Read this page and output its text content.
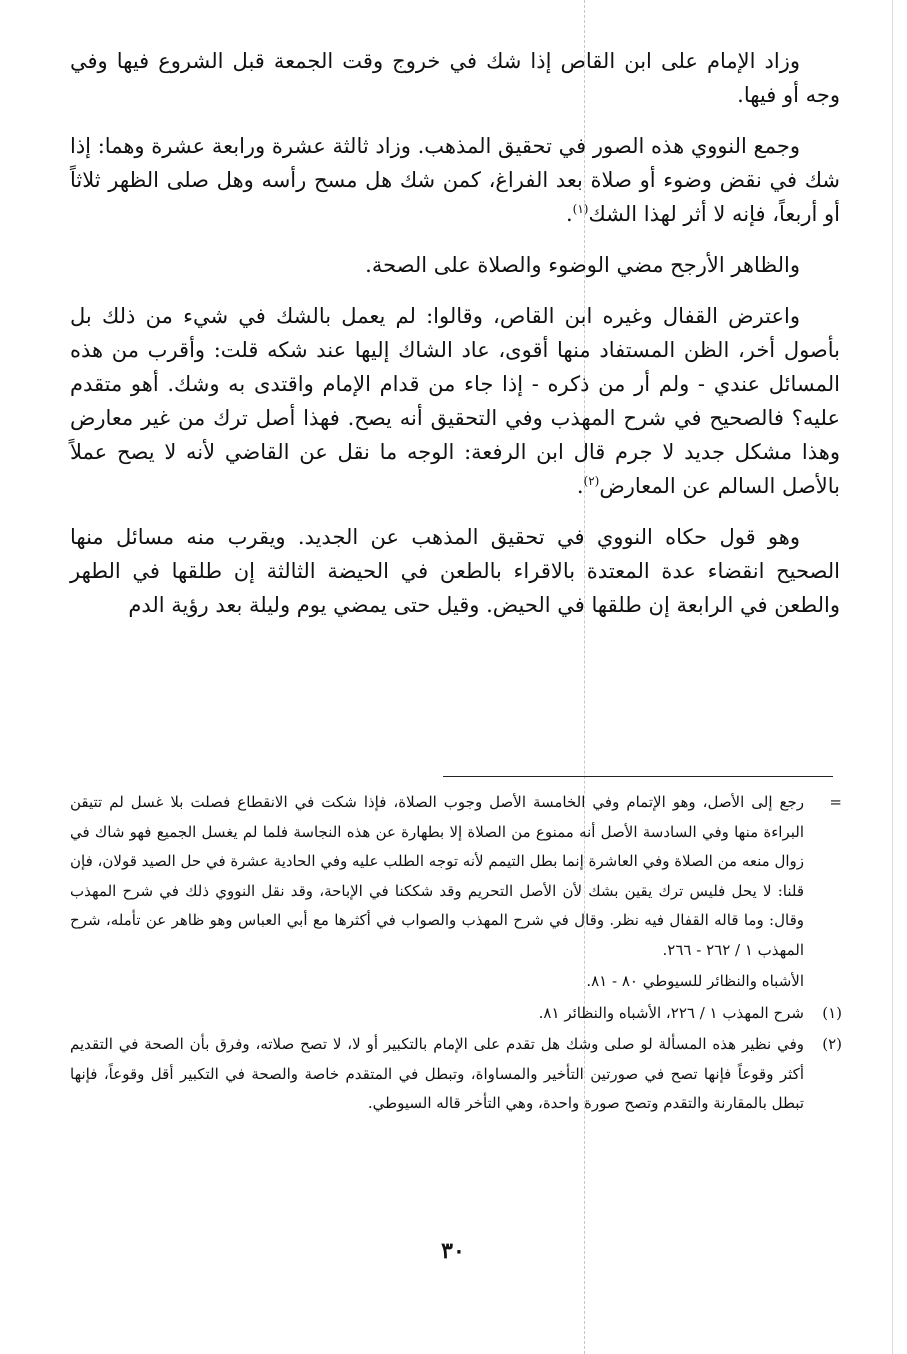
وزاد الإمام على ابن القاص إذا شك في خروج وقت الجمعة قبل الشروع فيها وفي وجه أو فيها.

وجمع النووي هذه الصور في تحقيق المذهب. وزاد ثالثة عشرة ورابعة عشرة وهما: إذا شك في نقض وضوء أو صلاة بعد الفراغ، كمن شك هل مسح رأسه وهل صلى الظهر ثلاثاً أو أربعاً، فإنه لا أثر لهذا الشك$^{(١)}$.

والظاهر الأرجح مضي الوضوء والصلاة على الصحة.

واعترض القفال وغيره ابن القاص، وقالوا: لم يعمل بالشك في شيء من ذلك بل بأصول أخر، الظن المستفاد منها أقوى، عاد الشاك إليها عند شكه قلت: وأقرب من هذه المسائل عندي - ولم أر من ذكره - إذا جاء من قدام الإمام واقتدى به وشك. أهو متقدم عليه؟ فالصحيح في شرح المهذب وفي التحقيق أنه يصح. فهذا أصل ترك من غير معارض وهذا مشكل جديد لا جرم قال ابن الرفعة: الوجه ما نقل عن القاضي لأنه لا يصح عملاً بالأصل السالم عن المعارض$^{(٢)}$.

وهو قول حكاه النووي في تحقيق المذهب عن الجديد. ويقرب منه مسائل منها الصحيح انقضاء عدة المعتدة بالاقراء بالطعن في الحيضة الثالثة إن طلقها في الطهر والطعن في الرابعة إن طلقها في الحيض. وقيل حتى يمضي يوم وليلة بعد رؤية الدم

=
رجع إلى الأصل، وهو الإتمام وفي الخامسة الأصل وجوب الصلاة، فإذا شكت في الانقطاع فصلت بلا غسل لم تتيقن البراءة منها وفي السادسة الأصل أنه ممنوع من الصلاة إلا بطهارة عن هذه النجاسة فلما لم يغسل الجميع فهو شاك في زوال منعه من الصلاة وفي العاشرة إنما بطل التيمم لأنه توجه الطلب عليه وفي الحادية عشرة في حل الصيد قولان، فإن قلنا: لا يحل فليس ترك يقين بشك لأن الأصل التحريم وقد شككنا في الإباحة، وقد نقل النووي ذلك في شرح المهذب وقال: وما قاله القفال فيه نظر. وقال في شرح المهذب والصواب في أكثرها مع أبي العباس وهو ظاهر عن تأمله، شرح المهذب ١ / ٢٦٢ - ٢٦٦.
الأشباه والنظائر للسيوطي ٨٠ - ٨١.
(١)
شرح المهذب ١ / ٢٢٦، الأشباه والنظائر ٨١.
(٢)
وفي نظير هذه المسألة لو صلى وشك هل تقدم على الإمام بالتكبير أو لا، لا تصح صلاته، وفرق بأن الصحة في التقديم أكثر وقوعاً فإنها تصح في صورتين التأخير والمساواة، وتبطل في المتقدم خاصة والصحة في التكبير أقل وقوعاً، فإنها تبطل بالمقارنة والتقدم وتصح صورة واحدة، وهي التأخر قاله السيوطي.
٣٠
